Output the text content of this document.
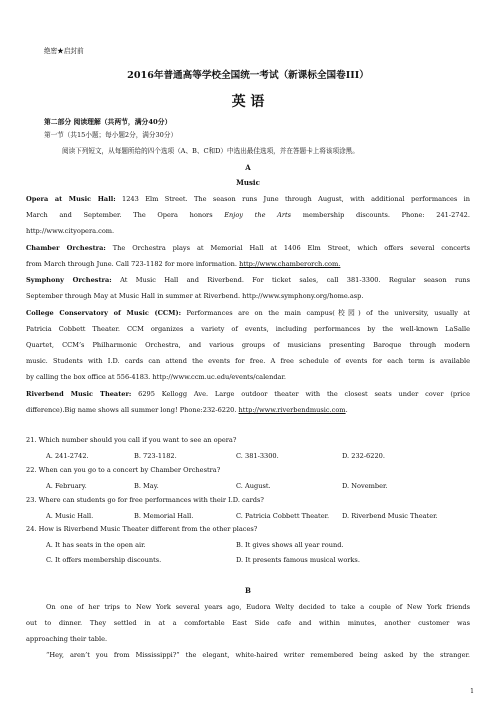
绝密★启封前
2016年普通高等学校全国统一考试（新课标全国卷III）
英 语
第二部分 阅读理解（共两节，满分40分）
第一节（共15小题；每小题2分，满分30分）
阅读下列短文，从每题所给的四个选项（A、B、C和D）中选出最佳选项，并在答题卡上将该项涂黑。
A
Music
Opera at Music Hall: 1243 Elm Street. The season runs June through August, with additional performances in
March and September. The Opera honors Enjoy the Arts membership discounts. Phone: 241-2742.
http://www.cityopera.com.
Chamber Orchestra: The Orchestra plays at Memorial Hall at 1406 Elm Street, which offers several concerts
from March through June. Call 723-1182 for more information. http://www.chamberorch.com.
Symphony Orchestra: At Music Hall and Riverbend. For ticket sales, call 381-3300. Regular season runs
September through May at Music Hall in summer at Riverbend. http://www.symphony.org/home.asp.
College Conservatory of Music (CCM): Performances are on the main campus(校园) of the university, usually at
Patricia Cobbett Theater. CCM organizes a variety of events, including performances by the well-known LaSalle
Quartet, CCM’s Philharmonic Orchestra, and various groups of musicians presenting Baroque through modern
music. Students with I.D. cards can attend the events for free. A free schedule of events for each term is available
by calling the box office at 556-4183. http://www.ccm.uc.edu/events/calendar.
Riverbend Music Theater: 6295 Kellogg Ave. Large outdoor theater with the closest seats under cover (price
difference).Big name shows all summer long! Phone:232-6220. http://www.riverbendmusic.com.
21. Which number should you call if you want to see an opera?
A. 241-2742.	B. 723-1182.	C. 381-3300.	D. 232-6220.
22. When can you go to a concert by Chamber Orchestra?
A. February.	B. May.	C. August.	D. November.
23. Where can students go for free performances with their I.D. cards?
A. Music Hall.	B. Memorial Hall.	C. Patricia Cobbett Theater. D. Riverbend Music Theater.
24. How is Riverbend Music Theater different from the other places?
A. It has seats in the open air.	B. It gives shows all year round.
C. It offers membership discounts.	D. It presents famous musical works.
B
On one of her trips to New York several years ago, Eudora Welty decided to take a couple of New York friends
out to dinner. They settled in at a comfortable East Side cafe and within minutes, another customer was
approaching their table.
“Hey, aren’t you from Mississippi?” the elegant, white-haired writer remembered being asked by the stranger.
1
